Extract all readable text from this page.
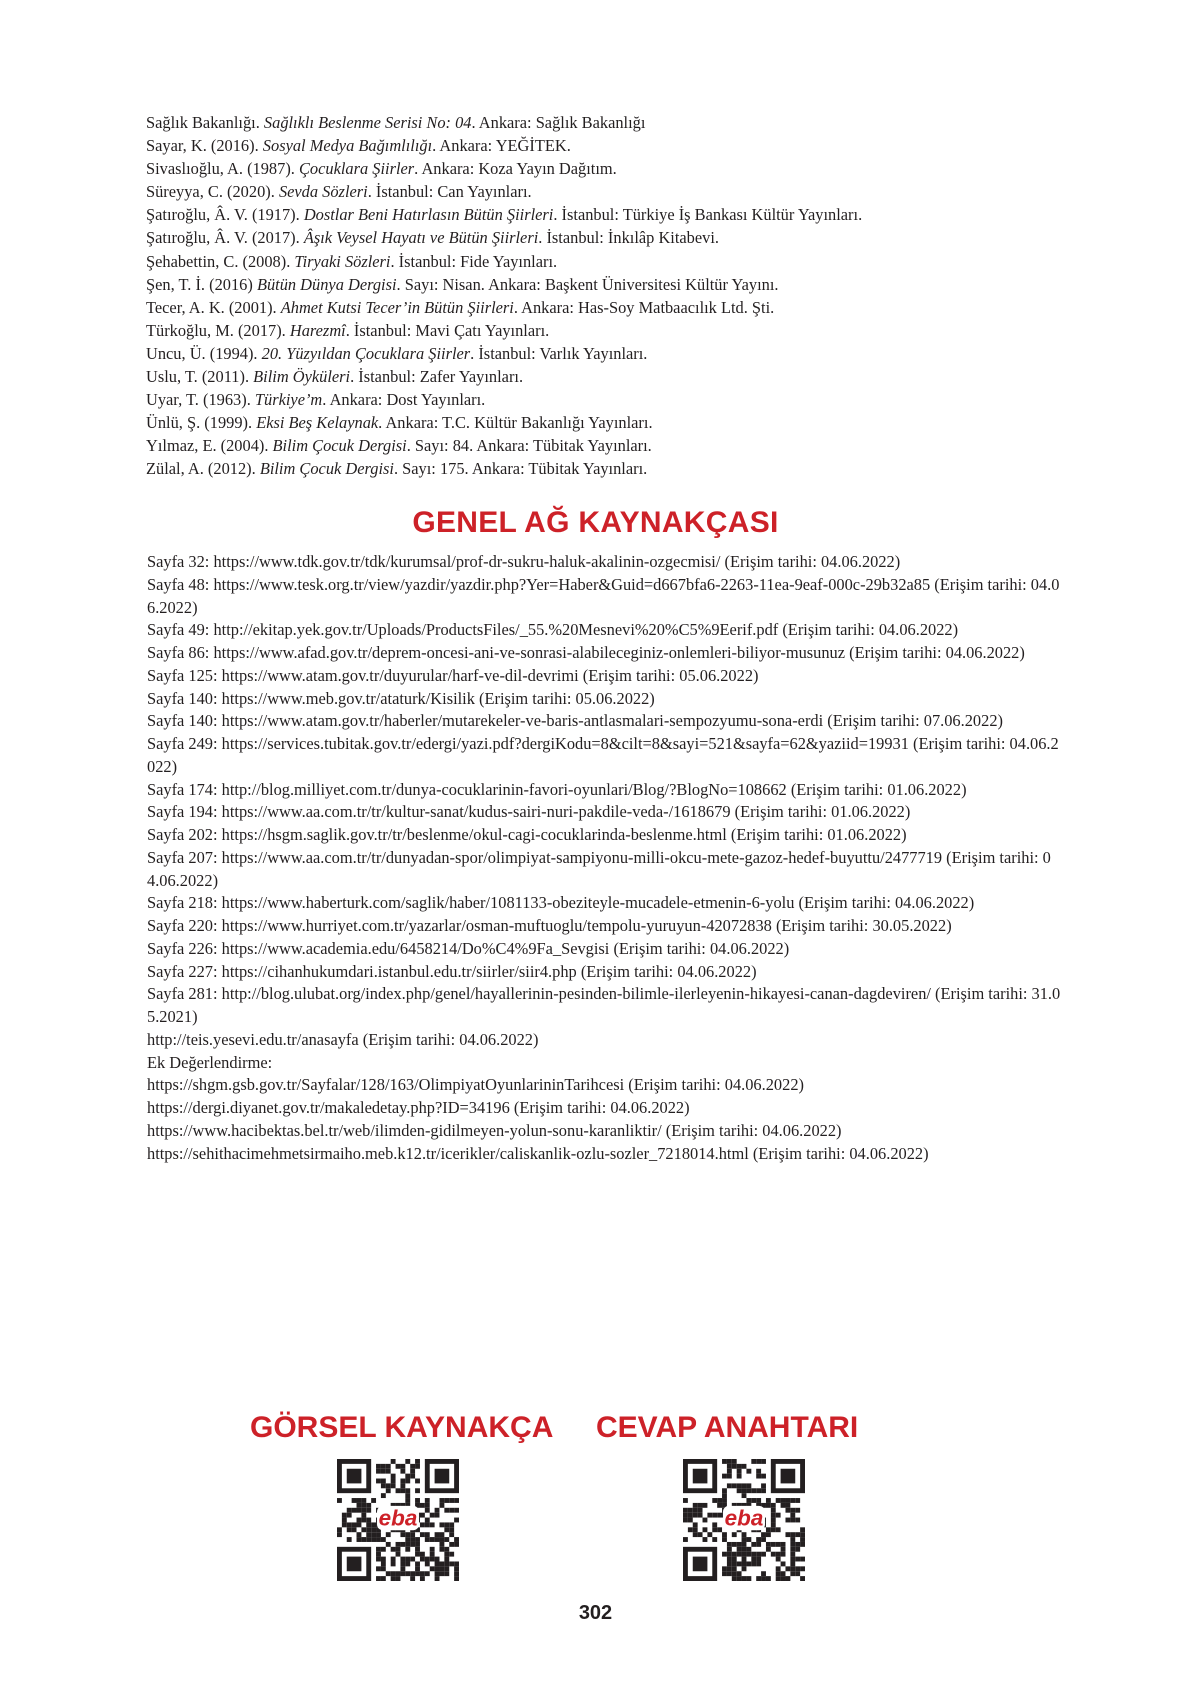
Sağlık Bakanlığı. Sağlıklı Beslenme Serisi No: 04. Ankara: Sağlık Bakanlığı
Sayar, K. (2016). Sosyal Medya Bağımlılığı. Ankara: YEĞİTEK.
Sivaslıoğlu, A. (1987). Çocuklara Şiirler. Ankara: Koza Yayın Dağıtım.
Süreyya, C. (2020). Sevda Sözleri. İstanbul: Can Yayınları.
Şatıroğlu, Â. V. (1917). Dostlar Beni Hatırlasın Bütün Şiirleri. İstanbul: Türkiye İş Bankası Kültür Yayınları.
Şatıroğlu, Â. V. (2017). Âşık Veysel Hayatı ve Bütün Şiirleri. İstanbul: İnkılâp Kitabevi.
Şehabettin, C. (2008). Tiryaki Sözleri. İstanbul: Fide Yayınları.
Şen, T. İ. (2016) Bütün Dünya Dergisi. Sayı: Nisan. Ankara: Başkent Üniversitesi Kültür Yayını.
Tecer, A. K. (2001). Ahmet Kutsi Tecer’in Bütün Şiirleri. Ankara: Has-Soy Matbaacılık Ltd. Şti.
Türkoğlu, M. (2017). Harezmî. İstanbul: Mavi Çatı Yayınları.
Uncu, Ü. (1994). 20. Yüzyıldan Çocuklara Şiirler. İstanbul: Varlık Yayınları.
Uslu, T. (2011). Bilim Öyküleri. İstanbul: Zafer Yayınları.
Uyar, T. (1963). Türkiye’m. Ankara: Dost Yayınları.
Ünlü, Ş. (1999). Eksi Beş Kelaynak. Ankara: T.C. Kültür Bakanlığı Yayınları.
Yılmaz, E. (2004). Bilim Çocuk Dergisi. Sayı: 84. Ankara: Tübitak Yayınları.
Zülal, A. (2012). Bilim Çocuk Dergisi. Sayı: 175. Ankara: Tübitak Yayınları.
GENEL AĞ KAYNAKÇASI
Sayfa 32: https://www.tdk.gov.tr/tdk/kurumsal/prof-dr-sukru-haluk-akalinin-ozgecmisi/ (Erişim tarihi: 04.06.2022)
Sayfa 48: https://www.tesk.org.tr/view/yazdir/yazdir.php?Yer=Haber&Guid=d667bfa6-2263-11ea-9eaf-000c-29b32a85 (Erişim tarihi: 04.06.2022)
Sayfa 49: http://ekitap.yek.gov.tr/Uploads/ProductsFiles/_55.%20Mesnevi%20%C5%9Eerif.pdf (Erişim tarihi: 04.06.2022)
Sayfa 86: https://www.afad.gov.tr/deprem-oncesi-ani-ve-sonrasi-alabileceginiz-onlemleri-biliyor-musunuz (Erişim tarihi: 04.06.2022)
Sayfa 125: https://www.atam.gov.tr/duyurular/harf-ve-dil-devrimi (Erişim tarihi: 05.06.2022)
Sayfa 140: https://www.meb.gov.tr/ataturk/Kisilik (Erişim tarihi: 05.06.2022)
Sayfa 140: https://www.atam.gov.tr/haberler/mutarekeler-ve-baris-antlasmalari-sempozyumu-sona-erdi (Erişim tarihi: 07.06.2022)
Sayfa 249: https://services.tubitak.gov.tr/edergi/yazi.pdf?dergiKodu=8&cilt=8&sayi=521&sayfa=62&yaziid=19931 (Erişim tarihi: 04.06.2022)
Sayfa 174: http://blog.milliyet.com.tr/dunya-cocuklarinin-favori-oyunlari/Blog/?BlogNo=108662 (Erişim tarihi: 01.06.2022)
Sayfa 194: https://www.aa.com.tr/tr/kultur-sanat/kudus-sairi-nuri-pakdile-veda-/1618679 (Erişim tarihi: 01.06.2022)
Sayfa 202: https://hsgm.saglik.gov.tr/tr/beslenme/okul-cagi-cocuklarinda-beslenme.html (Erişim tarihi: 01.06.2022)
Sayfa 207: https://www.aa.com.tr/tr/dunyadan-spor/olimpiyat-sampiyonu-milli-okcu-mete-gazoz-hedef-buyuttu/2477719 (Erişim tarihi: 04.06.2022)
Sayfa 218: https://www.haberturk.com/saglik/haber/1081133-obeziteyle-mucadele-etmenin-6-yolu (Erişim tarihi: 04.06.2022)
Sayfa 220: https://www.hurriyet.com.tr/yazarlar/osman-muftuoglu/tempolu-yuruyun-42072838 (Erişim tarihi: 30.05.2022)
Sayfa 226: https://www.academia.edu/6458214/Do%C4%9Fa_Sevgisi (Erişim tarihi: 04.06.2022)
Sayfa 227: https://cihanhukumdari.istanbul.edu.tr/siirler/siir4.php (Erişim tarihi: 04.06.2022)
Sayfa 281: http://blog.ulubat.org/index.php/genel/hayallerinin-pesinden-bilimle-ilerleyenin-hikayesi-canan-dagdeviren/ (Erişim tarihi: 31.05.2021)
http://teis.yesevi.edu.tr/anasayfa (Erişim tarihi: 04.06.2022)
Ek Değerlendirme:
https://shgm.gsb.gov.tr/Sayfalar/128/163/OlimpiyatOyunlarininTarihcesi (Erişim tarihi: 04.06.2022)
https://dergi.diyanet.gov.tr/makaledetay.php?ID=34196 (Erişim tarihi: 04.06.2022)
https://www.hacibektas.bel.tr/web/ilimden-gidilmeyen-yolun-sonu-karanliktir/ (Erişim tarihi: 04.06.2022)
https://sehithacimehmetsirmaiho.meb.k12.tr/icerikler/caliskanlik-ozlu-sozler_7218014.html (Erişim tarihi: 04.06.2022)
GÖRSEL KAYNAKÇA CEVAP ANAHTARI
eba	eba

302
